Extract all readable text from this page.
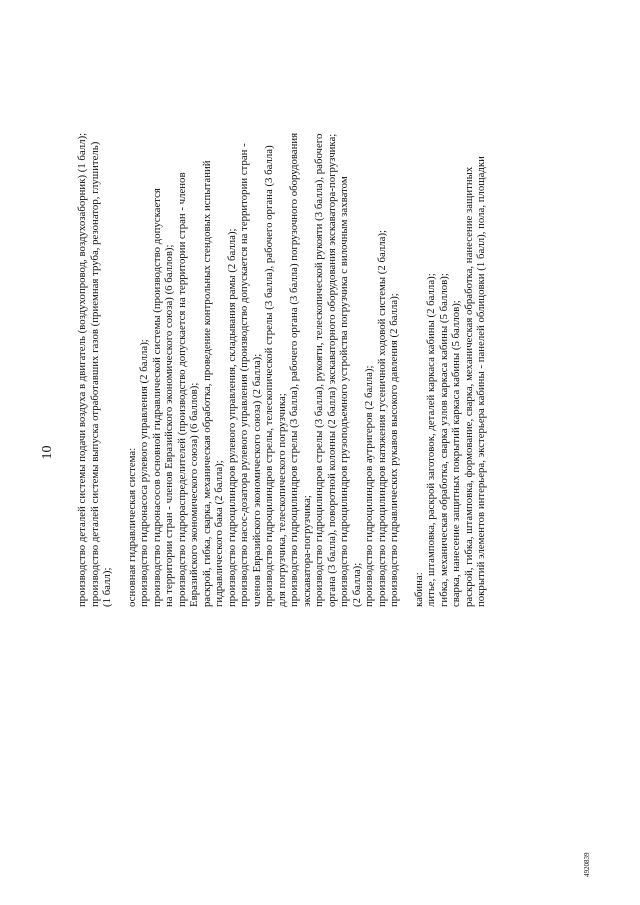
10 производство деталей системы подачи воздуха в двигатель (воздухопровод, воздухозаборник) (1 балл); производство деталей системы выпуска отработавших газов (приемная труба, резонатор, глушитель) (1 балл); основная гидравлическая система: производство гидронасоса рулевого управления (2 балла); производство гидронасосов основной гидравлической системы (производство допускается на территории стран - членов Евразийского экономического союза) (6 баллов); производство гидрораспределителей (производство допускается на территории стран - членов Евразийского экономического союза) (6 баллов); раскрой, гибка, сварка, механическая обработка, проведение контрольных стендовых испытаний гидравлического бака (2 балла); производство гидроцилиндров рулевого управления, складывания рамы (2 балла); производство насос-дозатора рулевого управления (производство допускается на территории стран - членов Евразийского экономического союза) (2 балла); производство гидроцилиндров стрелы, телескопической стрелы (3 балла), рабочего органа (3 балла) для погрузчика, телескопического погрузчика; производство гидроцилиндров стрелы (3 балла), рабочего органа (3 балла) погрузочного оборудования экскаватора-погрузчика; производство гидроцилиндров стрелы (3 балла), рукояти, телескопической рукояти (3 балла), рабочего органа (3 балла), поворотной колонны (2 балла) экскаваторного оборудования экскаватора-погрузчика; производство гидроцилиндров грузоподъемного устройства погрузчика с вилочным захватом (2 балла); производство гидроцилиндров аутригеров (2 балла); производство гидроцилиндров натяжения гусеничной ходовой системы (2 балла); производство гидравлических рукавов высокого давления (2 балла); кабина: литье, штамповка, раскрой заготовок, деталей каркаса кабины (2 балла); гибка, механическая обработка, сварка узлов каркаса кабины (5 баллов); сварка, нанесение защитных покрытий каркаса кабины (5 баллов); раскрой, гибка, штамповка, формование, сварка, механическая обработка, нанесение защитных покрытий элементов интерьера, экстерьера кабины - панелей облицовки (1 балл), пола, площадки
4920839
